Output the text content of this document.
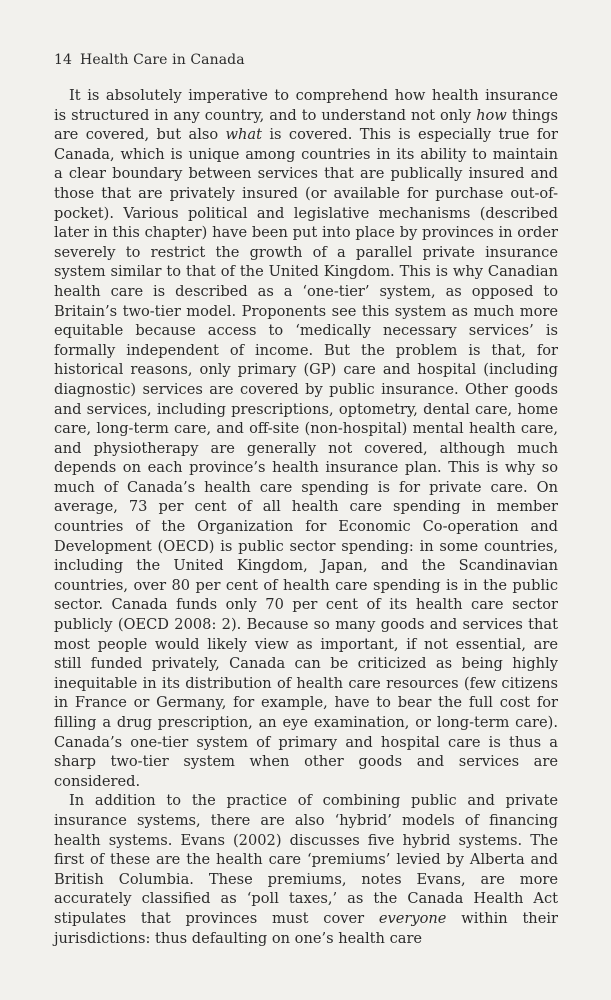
14 Health Care in Canada

It is absolutely imperative to comprehend how health insurance is structured in any country, and to understand not only how things are covered, but also what is covered. This is especially true for Canada, which is unique among countries in its ability to maintain a clear boundary between services that are publically insured and those that are privately insured (or available for purchase out-of-pocket). Various political and legislative mechanisms (described later in this chapter) have been put into place by provinces in order severely to restrict the growth of a parallel private insurance system similar to that of the United Kingdom. This is why Canadian health care is described as a ‘one-tier’ system, as opposed to Britain’s two-tier model. Proponents see this system as much more equitable because access to ‘medically necessary services’ is formally independent of income. But the problem is that, for historical reasons, only primary (GP) care and hospital (including diagnostic) services are covered by public insurance. Other goods and services, including prescriptions, optometry, dental care, home care, long-term care, and off-site (non-hospital) mental health care, and physiotherapy are generally not covered, although much depends on each province’s health insurance plan. This is why so much of Canada’s health care spending is for private care. On average, 73 per cent of all health care spending in member countries of the Organization for Economic Co-operation and Development (OECD) is public sector spending: in some countries, including the United Kingdom, Japan, and the Scandinavian countries, over 80 per cent of health care spending is in the public sector. Canada funds only 70 per cent of its health care sector publicly (OECD 2008: 2). Because so many goods and services that most people would likely view as important, if not essential, are still funded privately, Canada can be criticized as being highly inequitable in its distribution of health care resources (few citizens in France or Germany, for example, have to bear the full cost for filling a drug prescription, an eye examination, or long-term care). Canada’s one-tier system of primary and hospital care is thus a sharp two-tier system when other goods and services are considered.

In addition to the practice of combining public and private insurance systems, there are also ‘hybrid’ models of financing health systems. Evans (2002) discusses five hybrid systems. The first of these are the health care ‘premiums’ levied by Alberta and British Columbia. These premiums, notes Evans, are more accurately classified as ‘poll taxes,’ as the Canada Health Act stipulates that provinces must cover everyone within their jurisdictions: thus defaulting on one’s health care
